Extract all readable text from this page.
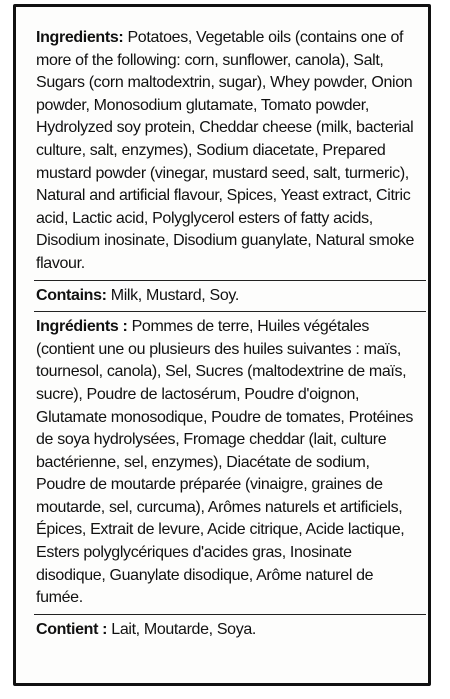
Ingredients: Potatoes, Vegetable oils (contains one of more of the following: corn, sunflower, canola), Salt, Sugars (corn maltodextrin, sugar), Whey powder, Onion powder, Monosodium glutamate, Tomato powder, Hydrolyzed soy protein, Cheddar cheese (milk, bacterial culture, salt, enzymes), Sodium diacetate, Prepared mustard powder (vinegar, mustard seed, salt, turmeric), Natural and artificial flavour, Spices, Yeast extract, Citric acid, Lactic acid, Polyglycerol esters of fatty acids, Disodium inosinate, Disodium guanylate, Natural smoke flavour.

Contains: Milk, Mustard, Soy.

Ingrédients : Pommes de terre, Huiles végétales (contient une ou plusieurs des huiles suivantes : maïs, tournesol, canola), Sel, Sucres (maltodextrine de maïs, sucre), Poudre de lactosérum, Poudre d'oignon, Glutamate monosodique, Poudre de tomates, Protéines de soya hydrolysées, Fromage cheddar (lait, culture bactérienne, sel, enzymes), Diacétate de sodium, Poudre de moutarde préparée (vinaigre, graines de moutarde, sel, curcuma), Arômes naturels et artificiels, Épices, Extrait de levure, Acide citrique, Acide lactique, Esters polyglycériques d'acides gras, Inosinate disodique, Guanylate disodique, Arôme naturel de fumée.

Contient : Lait, Moutarde, Soya.
